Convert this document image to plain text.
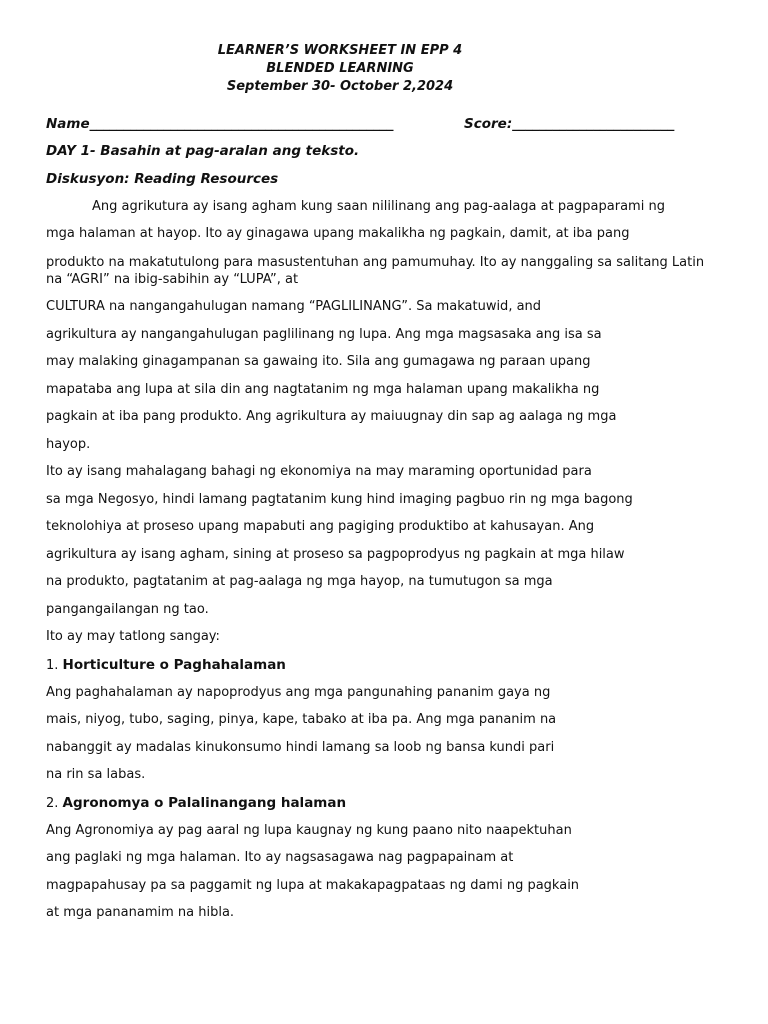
LEARNER’S WORKSHEET IN EPP 4
BLENDED LEARNING
September 30- October 2,2024
Name_____________________________________________	Score:________________________
DAY 1- Basahin at pag-aralan ang teksto.
Diskusyon: Reading Resources
Ang agrikutura ay isang agham kung saan nililinang ang pag-aalaga at pagpaparami ng
mga halaman at hayop. Ito ay ginagawa upang makalikha ng pagkain, damit, at iba pang
produkto na makatutulong para masustentuhan ang pamumuhay. Ito ay nanggaling sa salitang Latin na “AGRI” na ibig-sabihin ay “LUPA”, at
CULTURA na nangangahulugan namang “PAGLILINANG”. Sa makatuwid, and
agrikultura ay nangangahulugan paglilinang ng lupa. Ang mga magsasaka ang isa sa
may malaking ginagampanan sa gawaing ito. Sila ang gumagawa ng paraan upang
mapataba ang lupa at sila din ang nagtatanim ng mga halaman upang makalikha ng
pagkain at iba pang produkto. Ang agrikultura ay maiuugnay din sap ag aalaga ng mga
hayop.
Ito ay isang mahalagang bahagi ng ekonomiya na may maraming oportunidad para
sa mga Negosyo, hindi lamang pagtatanim kung hind imaging pagbuo rin ng mga bagong
teknolohiya at proseso upang mapabuti ang pagiging produktibo at kahusayan. Ang
agrikultura ay isang agham, sining at proseso sa pagpoprodyus ng pagkain at mga hilaw
na produkto, pagtatanim at pag-aalaga ng mga hayop, na tumutugon sa mga
pangangailangan ng tao.
Ito ay may tatlong sangay:
1. Horticulture o Paghahalaman
Ang paghahalaman ay napoprodyus ang mga pangunahing pananim gaya ng
mais, niyog, tubo, saging, pinya, kape, tabako at iba pa. Ang mga pananim na
nabanggit ay madalas kinukonsumo hindi lamang sa loob ng bansa kundi pari
na rin sa labas.
2. Agronomya o Palalinangang halaman
Ang Agronomiya ay pag aaral ng lupa kaugnay ng kung paano nito naapektuhan
ang paglaki ng mga halaman. Ito ay nagsasagawa nag pagpapainam at
magpapahusay pa sa paggamit ng lupa at makakapagpataas ng dami ng pagkain
at mga pananamim na hibla.
